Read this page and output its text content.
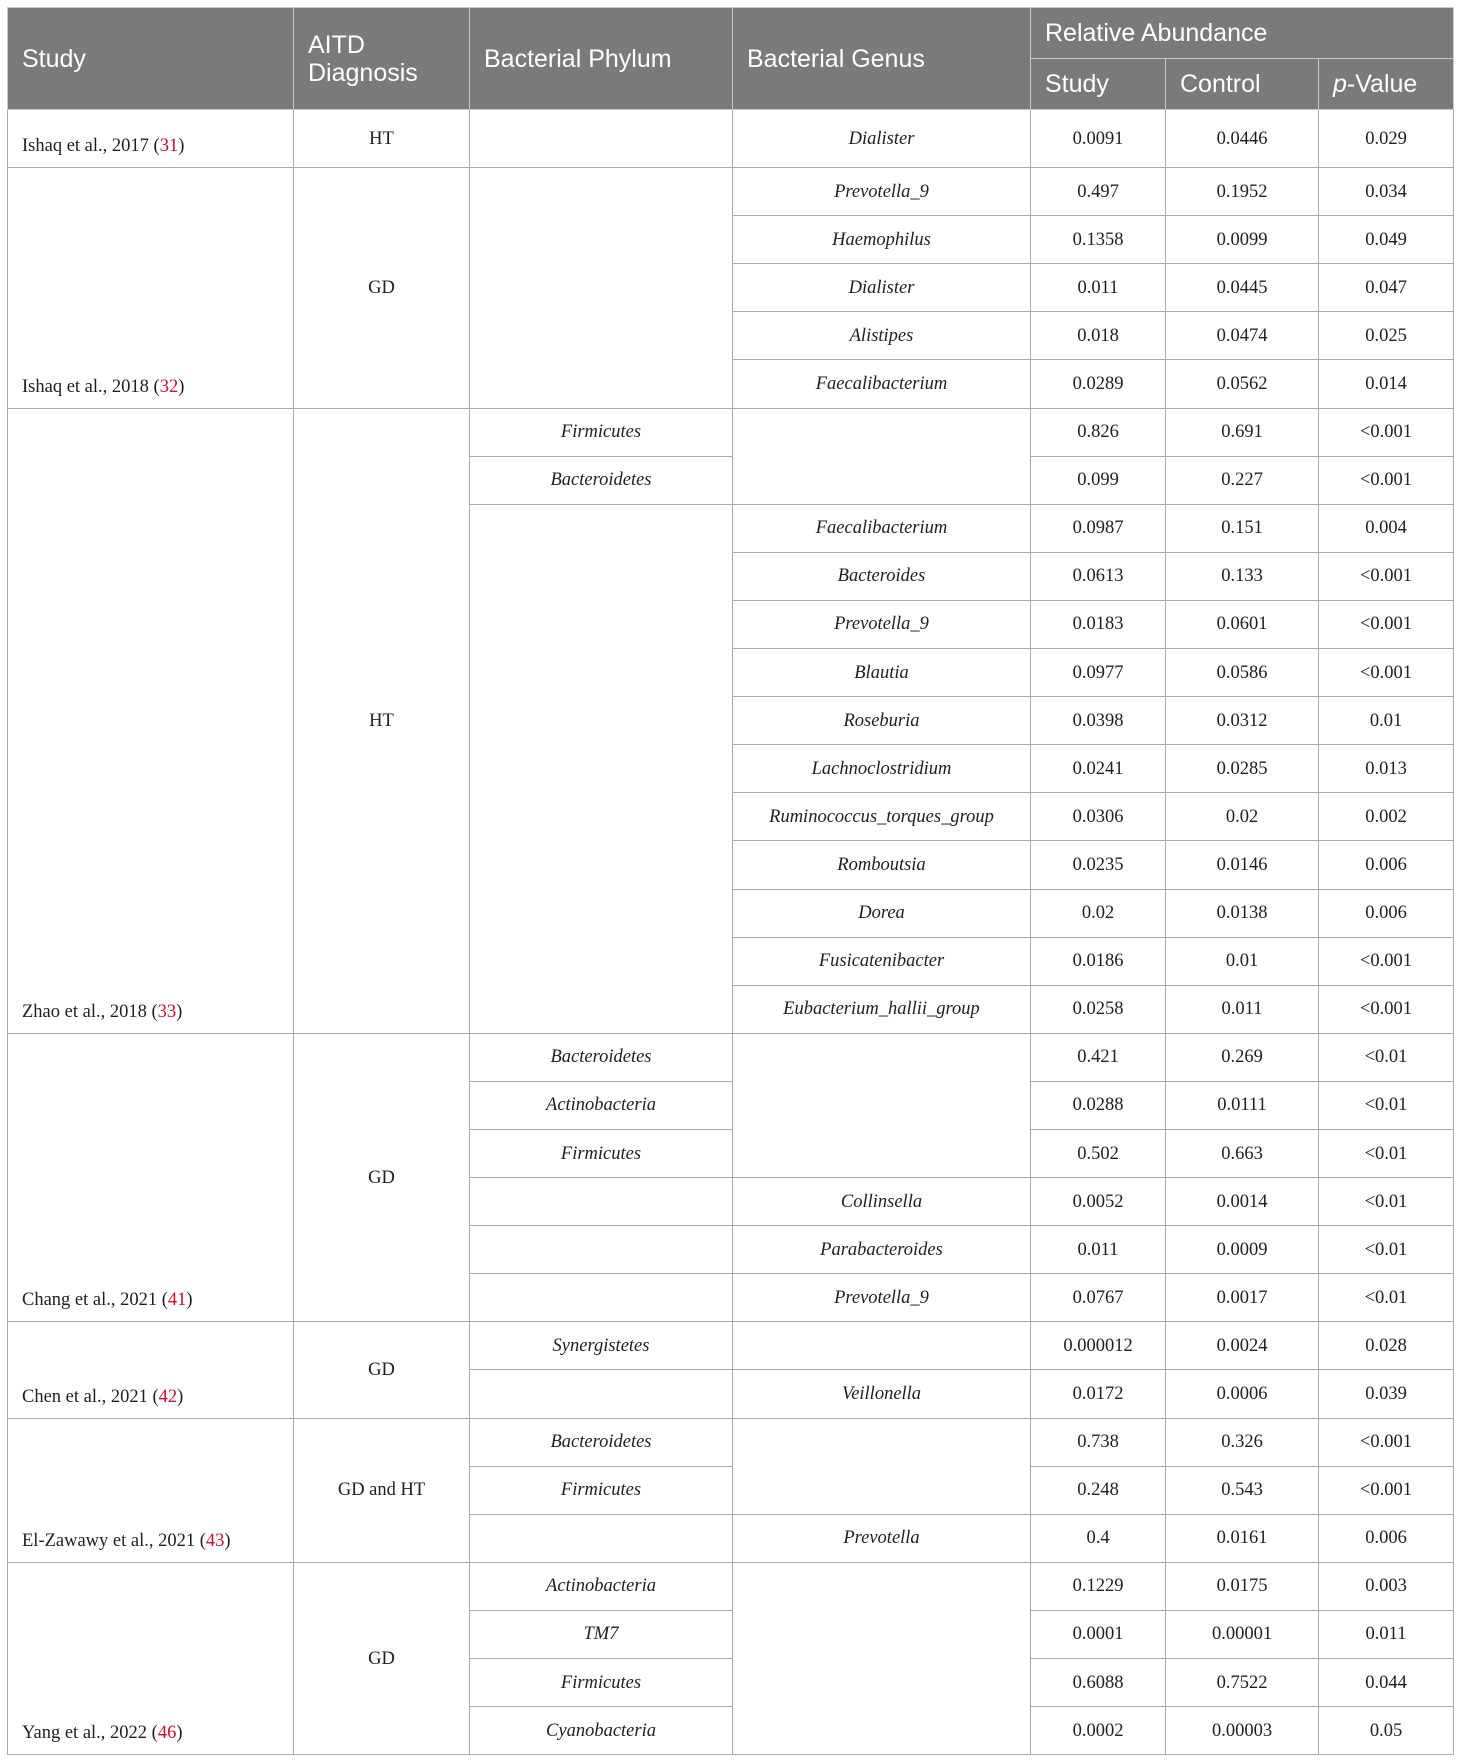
Study	AITD Diagnosis	Bacterial Phylum	Bacterial Genus	Relative Abundance		
				Study	Control	p-Value
Ishaq et al., 2017 (31)	HT		Dialister	0.0091	0.0446	0.029
Ishaq et al., 2018 (32)	GD		Prevotella_9	0.497	0.1952	0.034
			Haemophilus	0.1358	0.0099	0.049
			Dialister	0.011	0.0445	0.047
			Alistipes	0.018	0.0474	0.025
			Faecalibacterium	0.0289	0.0562	0.014
Zhao et al., 2018 (33)	HT	Firmicutes		0.826	0.691	<0.001
		Bacteroidetes		0.099	0.227	<0.001
			Faecalibacterium	0.0987	0.151	0.004
			Bacteroides	0.0613	0.133	<0.001
			Prevotella_9	0.0183	0.0601	<0.001
			Blautia	0.0977	0.0586	<0.001
			Roseburia	0.0398	0.0312	0.01
			Lachnoclostridium	0.0241	0.0285	0.013
			Ruminococcus_torques_group	0.0306	0.02	0.002
			Romboutsia	0.0235	0.0146	0.006
			Dorea	0.02	0.0138	0.006
			Fusicatenibacter	0.0186	0.01	<0.001
			Eubacterium_hallii_group	0.0258	0.011	<0.001
Chang et al., 2021 (41)	GD	Bacteroidetes		0.421	0.269	<0.01
		Actinobacteria		0.0288	0.0111	<0.01
		Firmicutes		0.502	0.663	<0.01
			Collinsella	0.0052	0.0014	<0.01
			Parabacteroides	0.011	0.0009	<0.01
			Prevotella_9	0.0767	0.0017	<0.01
Chen et al., 2021 (42)	GD	Synergistetes		0.000012	0.0024	0.028
			Veillonella	0.0172	0.0006	0.039
El-Zawawy et al., 2021 (43)	GD and HT	Bacteroidetes		0.738	0.326	<0.001
		Firmicutes		0.248	0.543	<0.001
			Prevotella	0.4	0.0161	0.006
Yang et al., 2022 (46)	GD	Actinobacteria		0.1229	0.0175	0.003
		TM7		0.0001	0.00001	0.011
		Firmicutes		0.6088	0.7522	0.044
		Cyanobacteria		0.0002	0.00003	0.05
